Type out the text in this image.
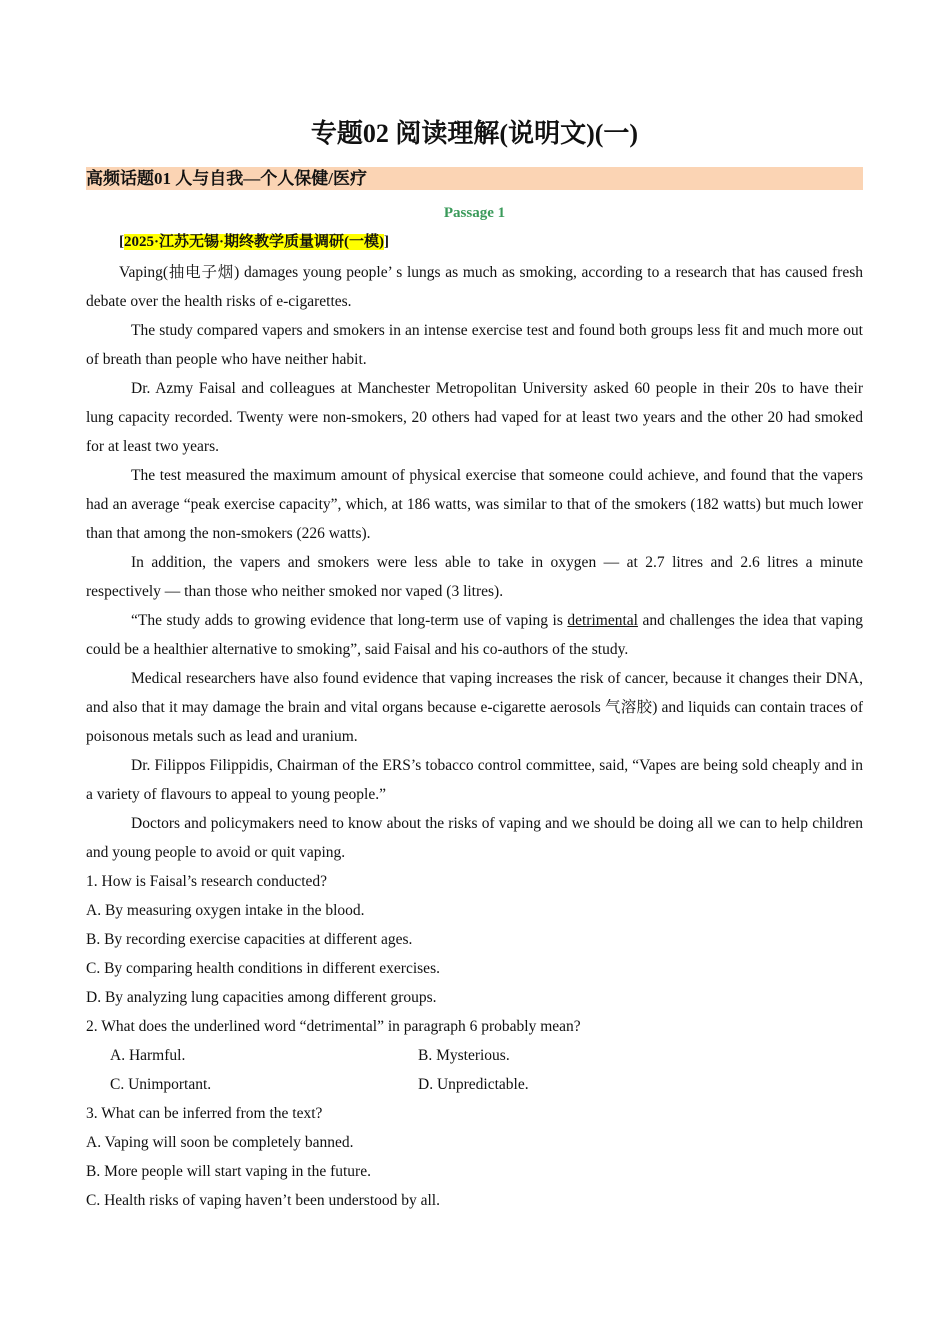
专题02 阅读理解(说明文)(一)
高频话题01 人与自我—个人保健/医疗
Passage 1
[2025·江苏无锡·期终教学质量调研(一模)]

Vaping(抽电子烟) damages young people’ s lungs as much as smoking, according to a research that has caused fresh debate over the health risks of e-cigarettes.

The study compared vapers and smokers in an intense exercise test and found both groups less fit and much more out of breath than people who have neither habit.

Dr. Azmy Faisal and colleagues at Manchester Metropolitan University asked 60 people in their 20s to have their lung capacity recorded. Twenty were non-smokers, 20 others had vaped for at least two years and the other 20 had smoked for at least two years.

The test measured the maximum amount of physical exercise that someone could achieve, and found that the vapers had an average “peak exercise capacity”, which, at 186 watts, was similar to that of the smokers (182 watts) but much lower than that among the non-smokers (226 watts).

In addition, the vapers and smokers were less able to take in oxygen — at 2.7 litres and 2.6 litres a minute respectively — than those who neither smoked nor vaped (3 litres).

“The study adds to growing evidence that long-term use of vaping is detrimental and challenges the idea that vaping could be a healthier alternative to smoking”, said Faisal and his co-authors of the study.

Medical researchers have also found evidence that vaping increases the risk of cancer, because it changes their DNA, and also that it may damage the brain and vital organs because e-cigarette aerosols 气溶胶) and liquids can contain traces of poisonous metals such as lead and uranium.

Dr. Filippos Filippidis, Chairman of the ERS’s tobacco control committee, said, “Vapes are being sold cheaply and in a variety of flavours to appeal to young people.”

Doctors and policymakers need to know about the risks of vaping and we should be doing all we can to help children and young people to avoid or quit vaping.

1. How is Faisal’s research conducted?

A. By measuring oxygen intake in the blood.

B. By recording exercise capacities at different ages.

C. By comparing health conditions in different exercises.

D. By analyzing lung capacities among different groups.

2. What does the underlined word “detrimental” in paragraph 6 probably mean?

A. Harmful.	B. Mysterious.
C. Unimportant.	D. Unpredictable.

3. What can be inferred from the text?

A. Vaping will soon be completely banned.

B. More people will start vaping in the future.

C. Health risks of vaping haven’t been understood by all.
